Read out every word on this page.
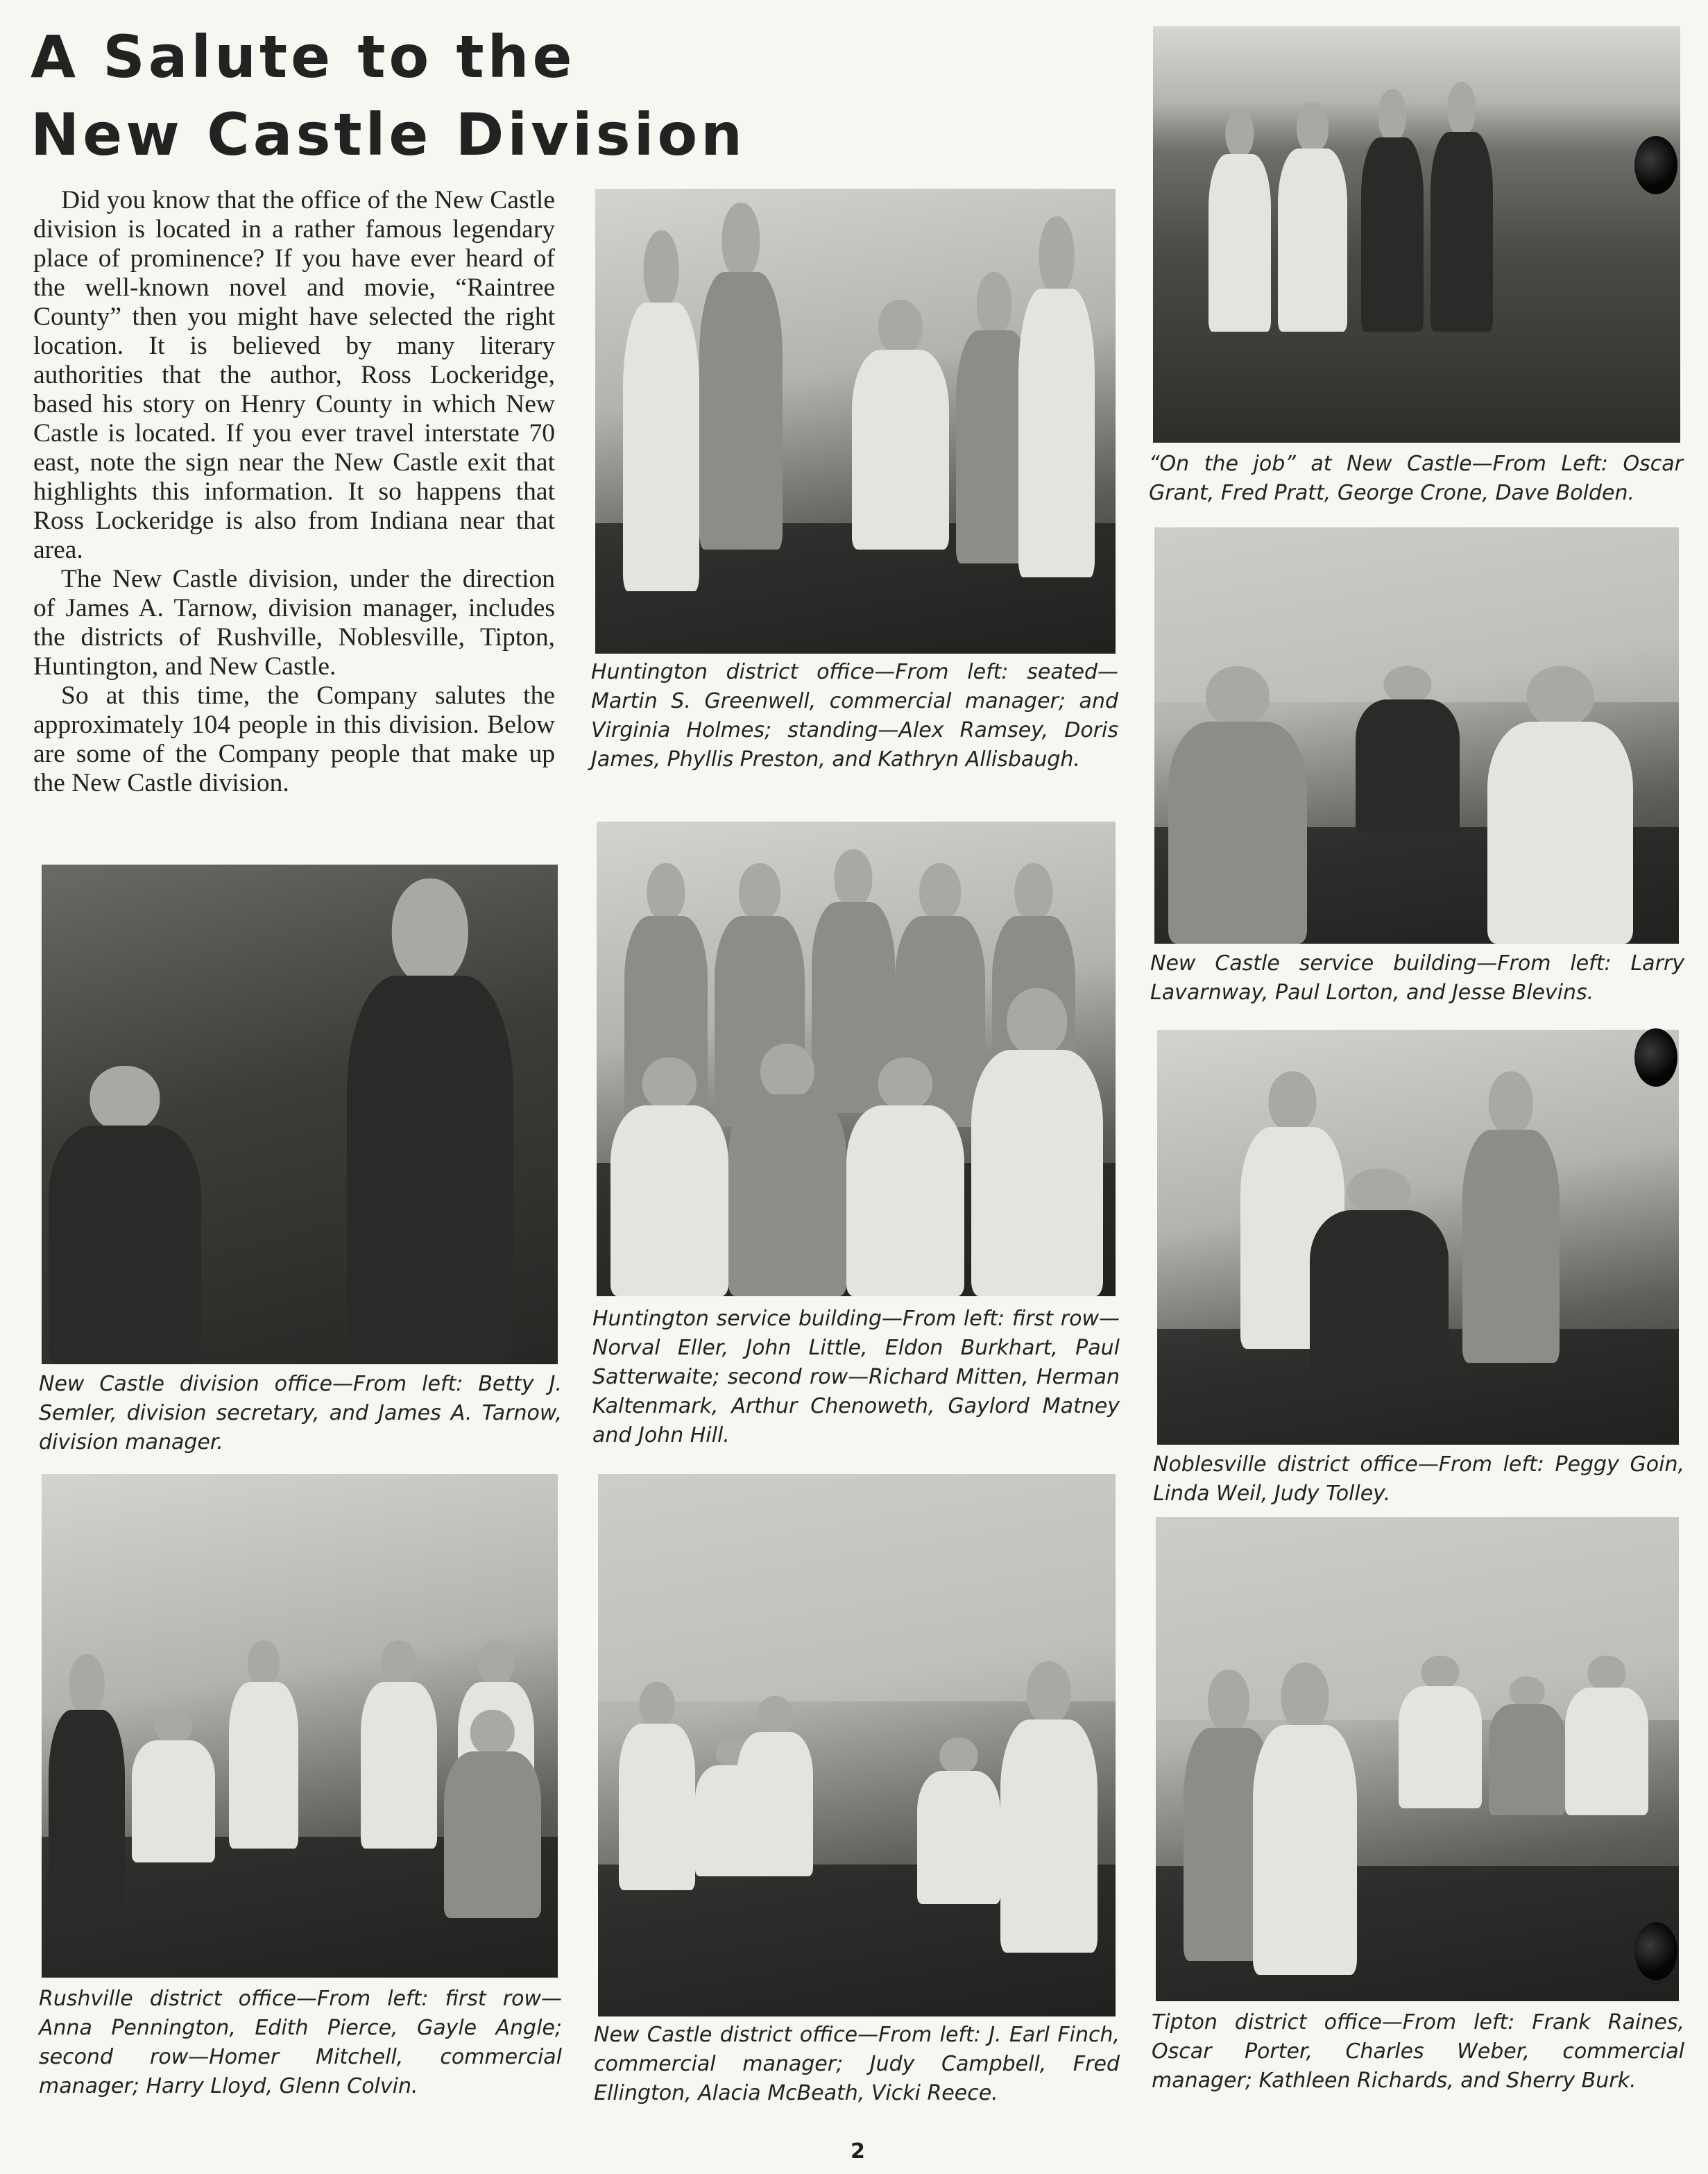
A Salute to the
New Castle Division

Did you know that the office of the New Castle division is located in a rather famous legendary place of prominence? If you have ever heard of the well-known novel and movie, “Raintree County” then you might have selected the right location. It is believed by many literary authorities that the author, Ross Lockeridge, based his story on Henry County in which New Castle is located. If you ever travel interstate 70 east, note the sign near the New Castle exit that highlights this information. It so happens that Ross Lockeridge is also from Indiana near that area.

The New Castle division, under the direction of James A. Tarnow, division manager, includes the districts of Rushville, Noblesville, Tipton, Huntington, and New Castle.

So at this time, the Company salutes the approximately 104 people in this division. Below are some of the Company people that make up the New Castle division.

Huntington district office—From left: seated—Martin S. Greenwell, commercial manager; and Virginia Holmes; standing—Alex Ramsey, Doris James, Phyllis Preston, and Kathryn Allisbaugh.

“On the job” at New Castle—From Left: Oscar Grant, Fred Pratt, George Crone, Dave Bolden.

New Castle service building—From left: Larry Lavarnway, Paul Lorton, and Jesse Blevins.

New Castle division office—From left: Betty J. Semler, division secretary, and James A. Tarnow, division manager.

Huntington service building—From left: first row—Norval Eller, John Little, Eldon Burkhart, Paul Satterwaite; second row—Richard Mitten, Herman Kaltenmark, Arthur Chenoweth, Gaylord Matney and John Hill.

Noblesville district office—From left: Peggy Goin, Linda Weil, Judy Tolley.

Rushville district office—From left: first row—Anna Pennington, Edith Pierce, Gayle Angle; second row—Homer Mitchell, commercial manager; Harry Lloyd, Glenn Colvin.

New Castle district office—From left: J. Earl Finch, commercial manager; Judy Campbell, Fred Ellington, Alacia McBeath, Vicki Reece.

Tipton district office—From left: Frank Raines, Oscar Porter, Charles Weber, commercial manager; Kathleen Richards, and Sherry Burk.

2
